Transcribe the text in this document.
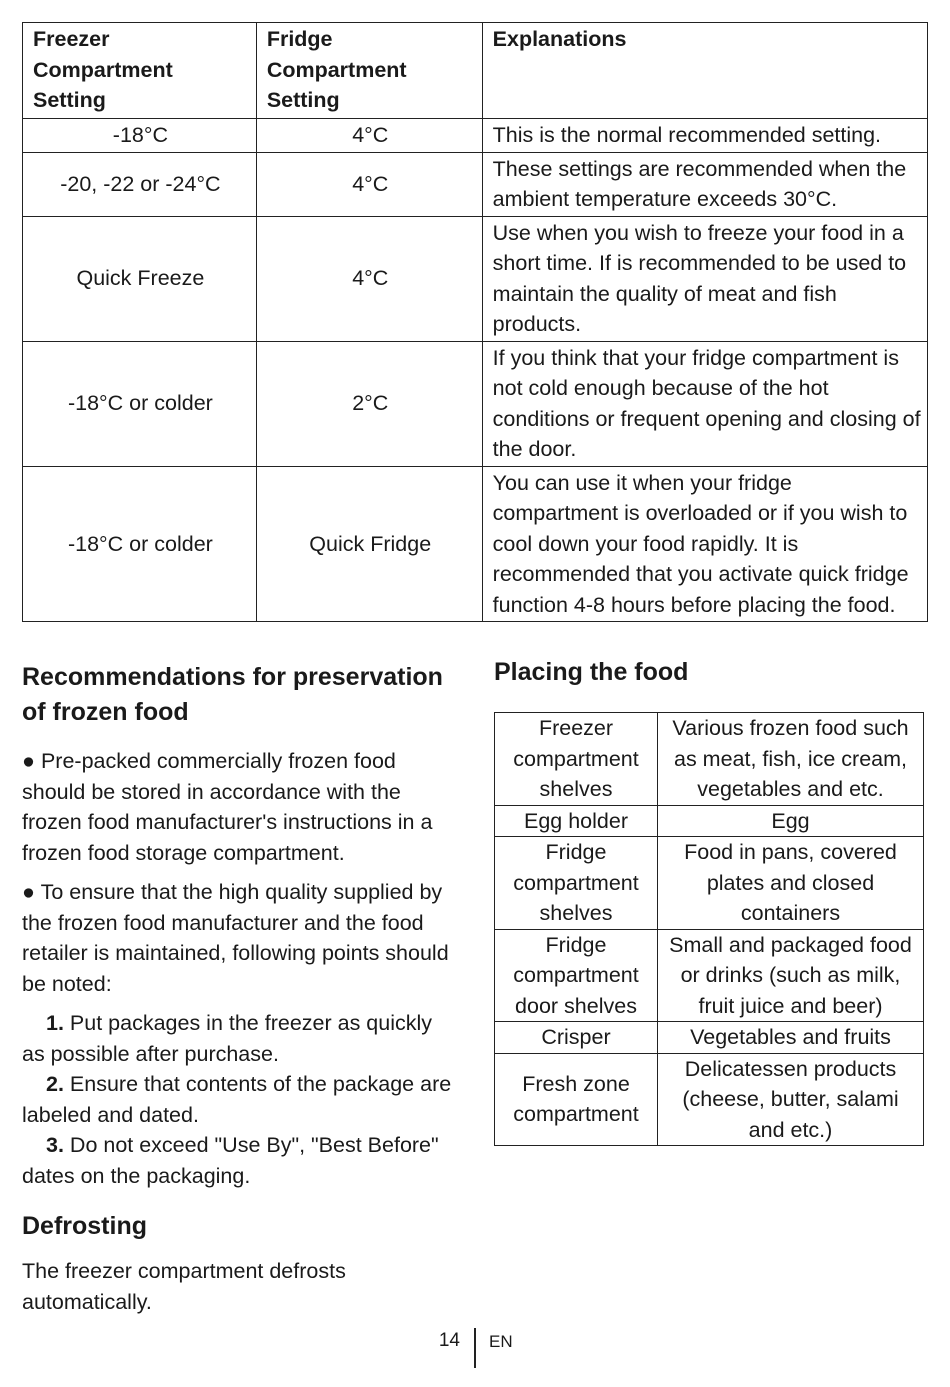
Freezer Compartment Setting	Fridge Compartment Setting	Explanations
-18°C	4°C	This is the normal recommended setting.
-20, -22 or -24°C	4°C	These settings are recommended when the ambient temperature exceeds 30°C.
Quick Freeze	4°C	Use when you wish to freeze your food in a short time. If is recommended to be used to maintain the quality of meat and fish products.
-18°C or colder	2°C	If you think that your fridge compartment is not cold enough because of the hot conditions or frequent opening and closing of the door.
-18°C or colder	Quick Fridge	You can use it when your fridge compartment is overloaded or if you wish to cool down your food rapidly. It is recommended that you activate quick fridge function 4-8 hours before placing the food.
Recommendations for preservation of frozen food

● Pre-packed commercially frozen food should be stored in accordance with the frozen food manufacturer's instructions in a frozen food storage compartment.

● To ensure that the high quality supplied by the frozen food manufacturer and the food retailer is maintained, following points should be noted:

1. Put packages in the freezer as quickly as possible after purchase.

2. Ensure that contents of the package are labeled and dated.

3. Do not exceed "Use By", "Best Before" dates on the packaging.

Defrosting

The freezer compartment defrosts automatically.

Placing the food
Freezer compartment shelves	Various frozen food such as meat, fish, ice cream, vegetables and etc.
Egg holder	Egg
Fridge compartment shelves	Food in pans, covered plates and closed containers
Fridge compartment door shelves	Small and packaged food or drinks (such as milk, fruit juice and beer)
Crisper	Vegetables and fruits
Fresh zone compartment	Delicatessen products (cheese, butter, salami and etc.)
14 EN
